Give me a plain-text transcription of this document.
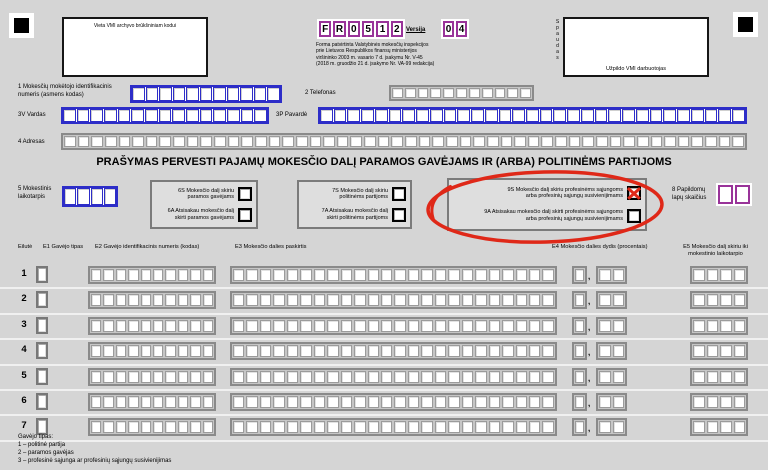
Vieta VMI archyvo brūkšniniam kodui	F R 0 5 1 2	Versija 0 4
Forma patvirtinta Valstybinės mokesčių inspekcijos
prie Lietuvos Respublikos finansų ministerijos
viršininko 2003 m. vasario 7 d. įsakymu Nr. V-45
(2018 m. gruodžio 21 d. įsakymo Nr. VA-99 redakcija)
Spaudas
Užpildo VMI darbuotojas
1 Mokesčių mokėtojo identifikacinis
numeris (asmens kodas)	2 Telefonas
3V Vardas	3P Pavardė
4 Adresas
PRAŠYMAS PERVESTI PAJAMŲ MOKESČIO DALĮ PARAMOS GAVĖJAMS IR (ARBA) POLITINĖMS PARTIJOMS
5 Mokestinis
laikotarpis
6S Mokesčio dalį skiriu
paramos gavėjams
6A Atsisakau mokesčio dalį
skirti paramos gavėjams
7S Mokesčio dalį skiriu
politinėms partijoms
7A Atsisakau mokesčio dalį
skirti politinėms partijoms
9S Mokesčio dalį skiriu profesinėms sąjungoms
arba profesinių sąjungų susivienijimams
9A Atsisakau mokesčio dalį skirti profesinėms sąjungoms
arba profesinių sąjungų susivienijimams
8 Papildomų
lapų skaičius
Eilutė E1 Gavėjo tipas E2 Gavėjo identifikacinis numeris (kodas)	E3 Mokesčio dalies paskirtis	E4 Mokesčio dalies dydis (procentais)	E5 Mokesčio dalį skiriu iki
mokestinio laikotarpio
1	,
2	,
3	,
4	,
5	,
6	,
7	,
Gavėjo tipas:
1 – politinė partija
2 – paramos gavėjas
3 – profesinė sąjunga ar profesinių sąjungų susivienijimas
